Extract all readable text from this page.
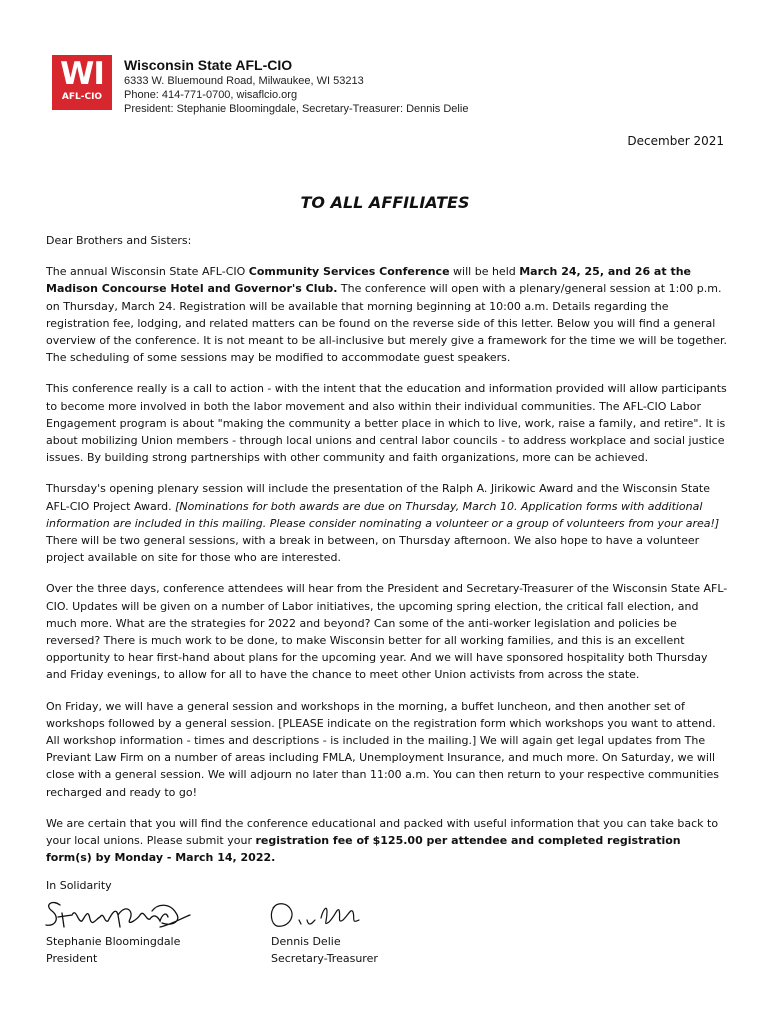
WI
AFL-CIO
Wisconsin State AFL-CIO
6333 W. Bluemound Road, Milwaukee, WI 53213
Phone: 414-771-0700, wisaflcio.org
President: Stephanie Bloomingdale, Secretary-Treasurer: Dennis Delie
December 2021
TO ALL AFFILIATES

Dear Brothers and Sisters:

The annual Wisconsin State AFL-CIO Community Services Conference will be held March 24, 25, and 26 at the Madison Concourse Hotel and Governor's Club. The conference will open with a plenary/general session at 1:00 p.m. on Thursday, March 24. Registration will be available that morning beginning at 10:00 a.m. Details regarding the registration fee, lodging, and related matters can be found on the reverse side of this letter. Below you will find a general overview of the conference. It is not meant to be all-inclusive but merely give a framework for the time we will be together. The scheduling of some sessions may be modified to accommodate guest speakers.

This conference really is a call to action - with the intent that the education and information provided will allow participants to become more involved in both the labor movement and also within their individual communities. The AFL-CIO Labor Engagement program is about "making the community a better place in which to live, work, raise a family, and retire". It is about mobilizing Union members - through local unions and central labor councils - to address workplace and social justice issues. By building strong partnerships with other community and faith organizations, more can be achieved.

Thursday's opening plenary session will include the presentation of the Ralph A. Jirikowic Award and the Wisconsin State AFL-CIO Project Award. [Nominations for both awards are due on Thursday, March 10. Application forms with additional information are included in this mailing. Please consider nominating a volunteer or a group of volunteers from your area!] There will be two general sessions, with a break in between, on Thursday afternoon. We also hope to have a volunteer project available on site for those who are interested.

Over the three days, conference attendees will hear from the President and Secretary-Treasurer of the Wisconsin State AFL-CIO. Updates will be given on a number of Labor initiatives, the upcoming spring election, the critical fall election, and much more. What are the strategies for 2022 and beyond? Can some of the anti-worker legislation and policies be reversed? There is much work to be done, to make Wisconsin better for all working families, and this is an excellent opportunity to hear first-hand about plans for the upcoming year. And we will have sponsored hospitality both Thursday and Friday evenings, to allow for all to have the chance to meet other Union activists from across the state.

On Friday, we will have a general session and workshops in the morning, a buffet luncheon, and then another set of workshops followed by a general session. [PLEASE indicate on the registration form which workshops you want to attend. All workshop information - times and descriptions - is included in the mailing.] We will again get legal updates from The Previant Law Firm on a number of areas including FMLA, Unemployment Insurance, and much more. On Saturday, we will close with a general session. We will adjourn no later than 11:00 a.m. You can then return to your respective communities recharged and ready to go!

We are certain that you will find the conference educational and packed with useful information that you can take back to your local unions. Please submit your registration fee of $125.00 per attendee and completed registration form(s) by Monday - March 14, 2022.

In Solidarity
Stephanie Bloomingdale
President
Dennis Delie
Secretary-Treasurer
